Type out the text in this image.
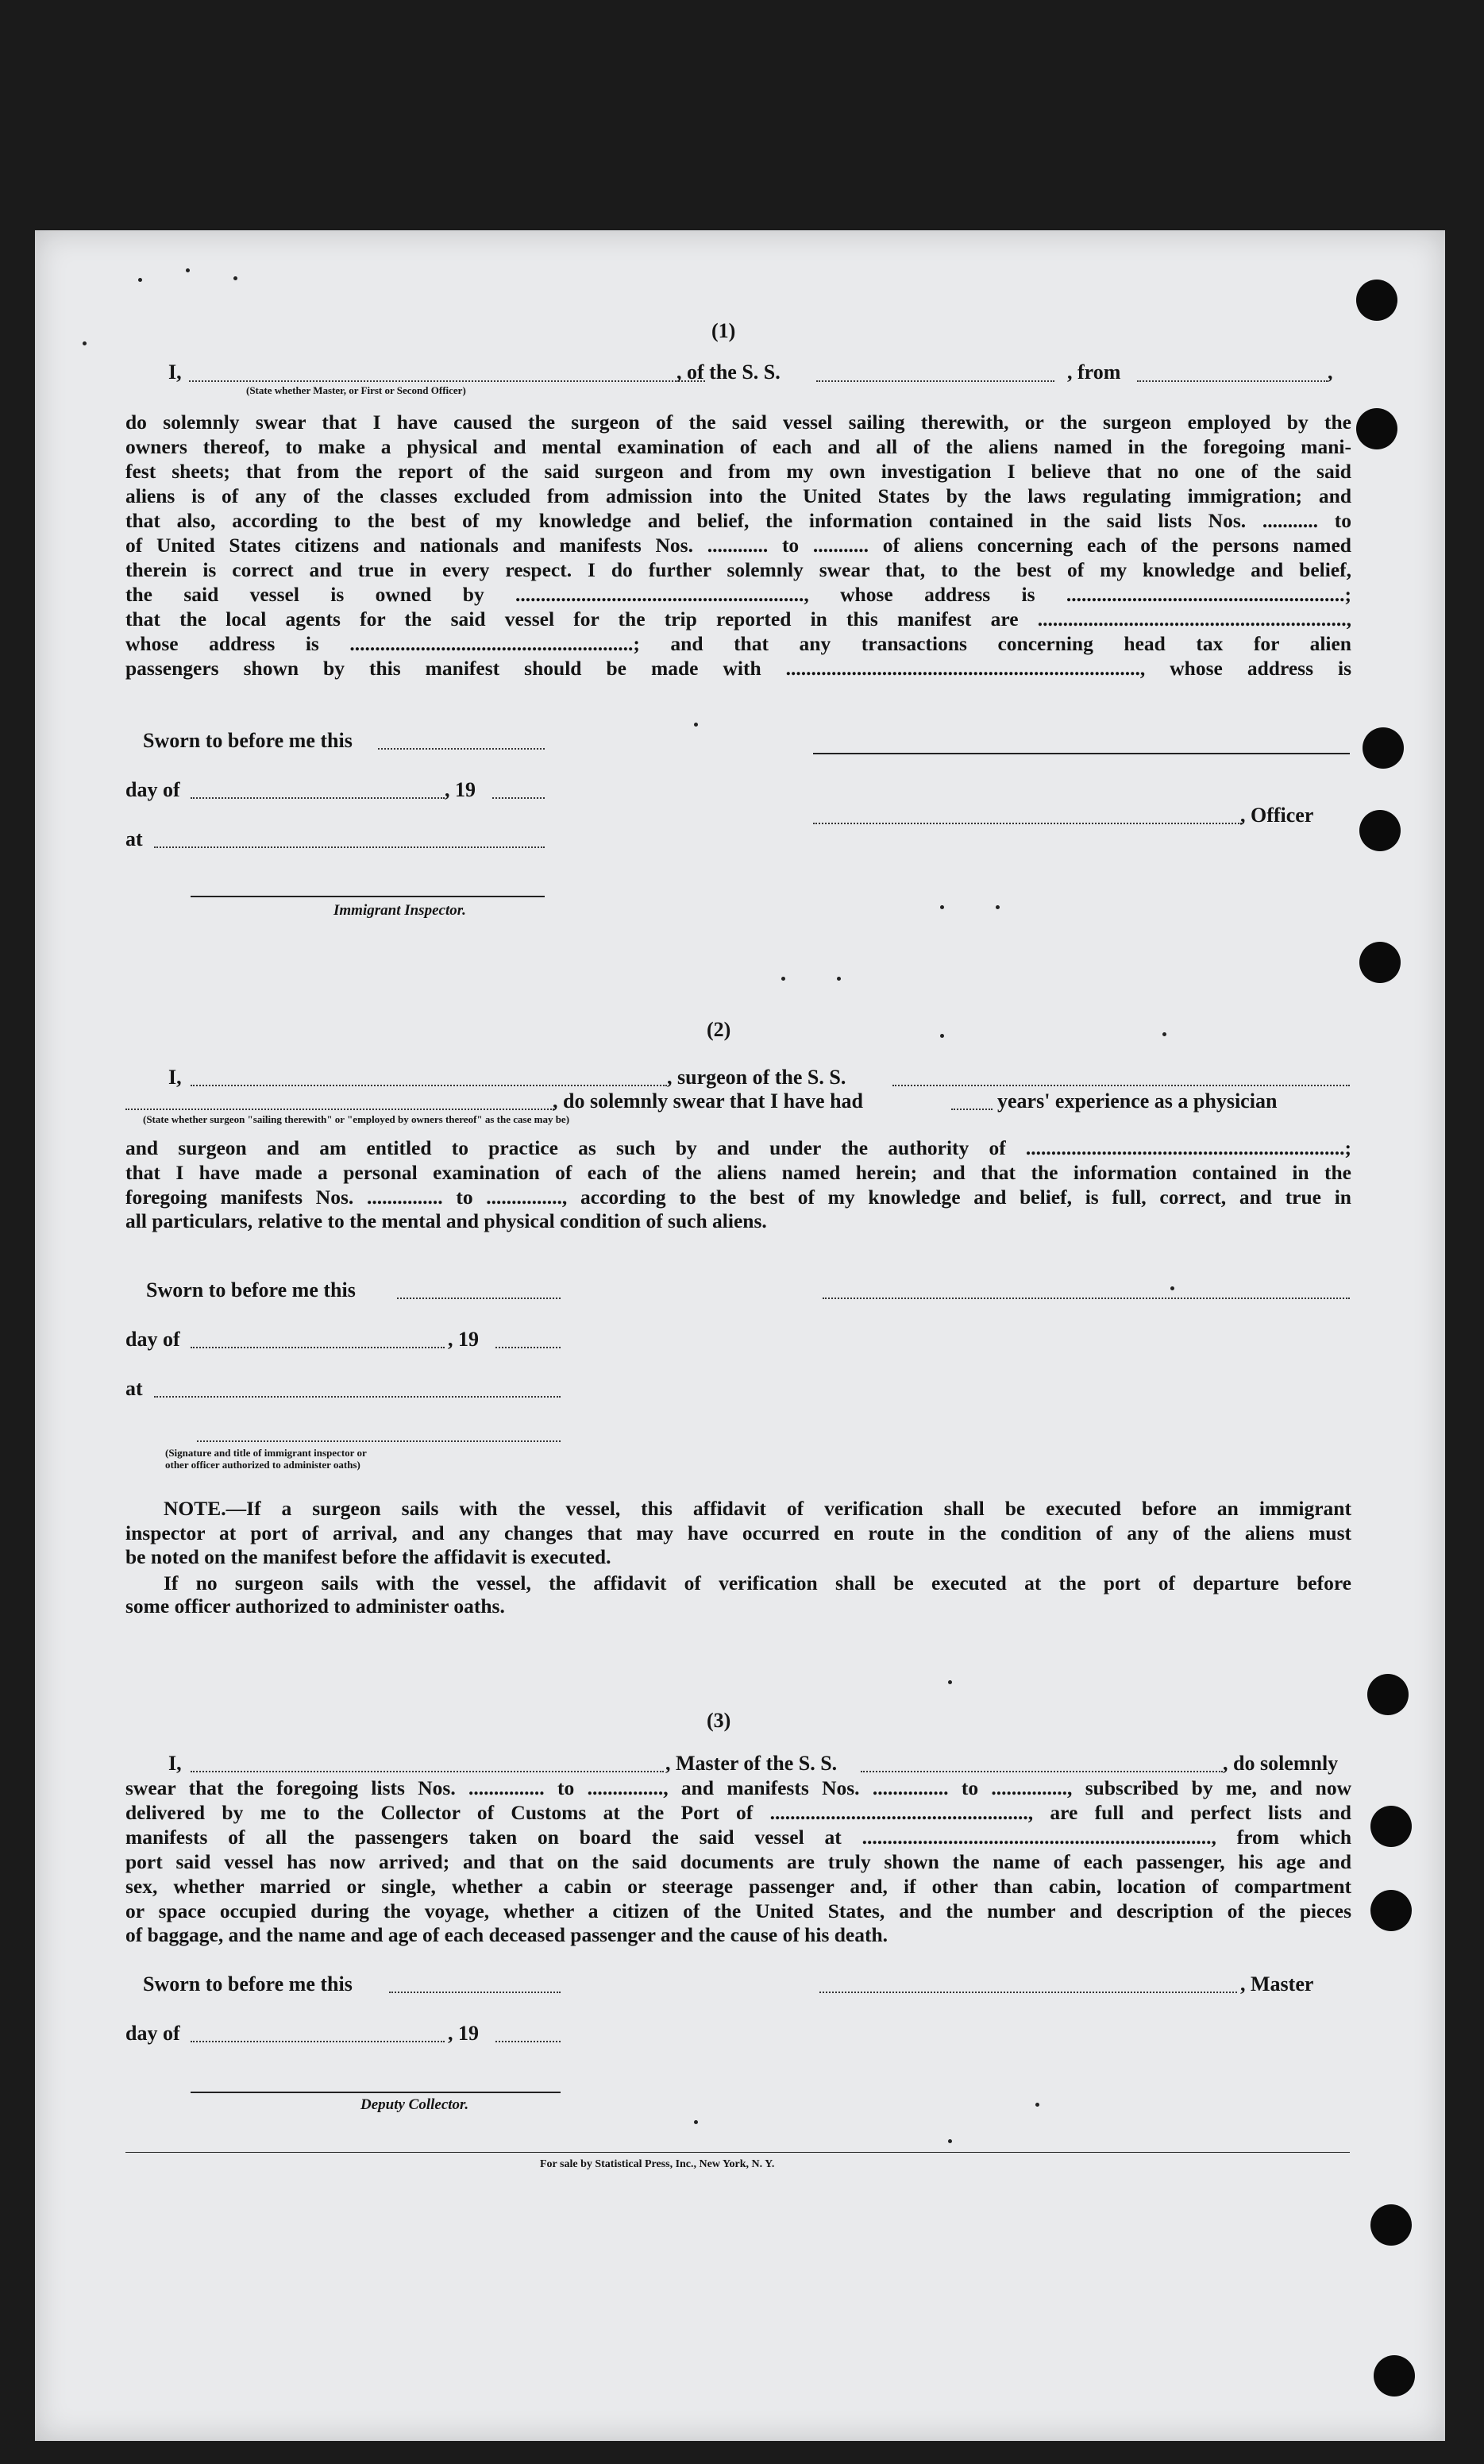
(1)
I,
(State whether Master, or First or Second Officer)
, of the S. S.	, from	,
do solemnly swear that I have caused the surgeon of the said vessel sailing therewith, or the surgeon employed by the
owners thereof, to make a physical and mental examination of each and all of the aliens named in the foregoing mani-
fest sheets; that from the report of the said surgeon and from my own investigation I believe that no one of the said
aliens is of any of the classes excluded from admission into the United States by the laws regulating immigration; and
that also, according to the best of my knowledge and belief, the information contained in the said lists Nos. ........... to
of United States citizens and nationals and manifests Nos. ............ to ........... of aliens concerning each of the persons named
therein is correct and true in every respect. I do further solemnly swear that, to the best of my knowledge and belief,
the said vessel is owned by ........................................................., whose address is .......................................................;
that the local agents for the said vessel for the trip reported in this manifest are .............................................................,
whose address is ........................................................; and that any transactions concerning head tax for alien
passengers shown by this manifest should be made with ......................................................................, whose address is
Sworn to before me this
day of	, 19
, Officer
at
Immigrant Inspector.
(2)
I,	, surgeon of the S. S.
, do solemnly swear that I have had	years' experience as a physician
(State whether surgeon "sailing therewith" or "employed by owners thereof" as the case may be)
and surgeon and am entitled to practice as such by and under the authority of ...............................................................;
that I have made a personal examination of each of the aliens named herein; and that the information contained in the
foregoing manifests Nos. ............... to ..............., according to the best of my knowledge and belief, is full, correct, and true in
all particulars, relative to the mental and physical condition of such aliens.
Sworn to before me this
day of	, 19
at
(Signature and title of immigrant inspector or
other officer authorized to administer oaths)
NOTE.—If a surgeon sails with the vessel, this affidavit of verification shall be executed before an immigrant
inspector at port of arrival, and any changes that may have occurred en route in the condition of any of the aliens must
be noted on the manifest before the affidavit is executed.
If no surgeon sails with the vessel, the affidavit of verification shall be executed at the port of departure before
some officer authorized to administer oaths.
(3)
I,	, Master of the S. S.	, do solemnly
swear that the foregoing lists Nos. ............... to ..............., and manifests Nos. ............... to ..............., subscribed by me, and now
delivered by me to the Collector of Customs at the Port of ..................................................., are full and perfect lists and
manifests of all the passengers taken on board the said vessel at ....................................................................., from which
port said vessel has now arrived; and that on the said documents are truly shown the name of each passenger, his age and
sex, whether married or single, whether a cabin or steerage passenger and, if other than cabin, location of compartment
or space occupied during the voyage, whether a citizen of the United States, and the number and description of the pieces
of baggage, and the name and age of each deceased passenger and the cause of his death.
Sworn to before me this	, Master
day of	, 19
Deputy Collector.
For sale by Statistical Press, Inc., New York, N. Y.
